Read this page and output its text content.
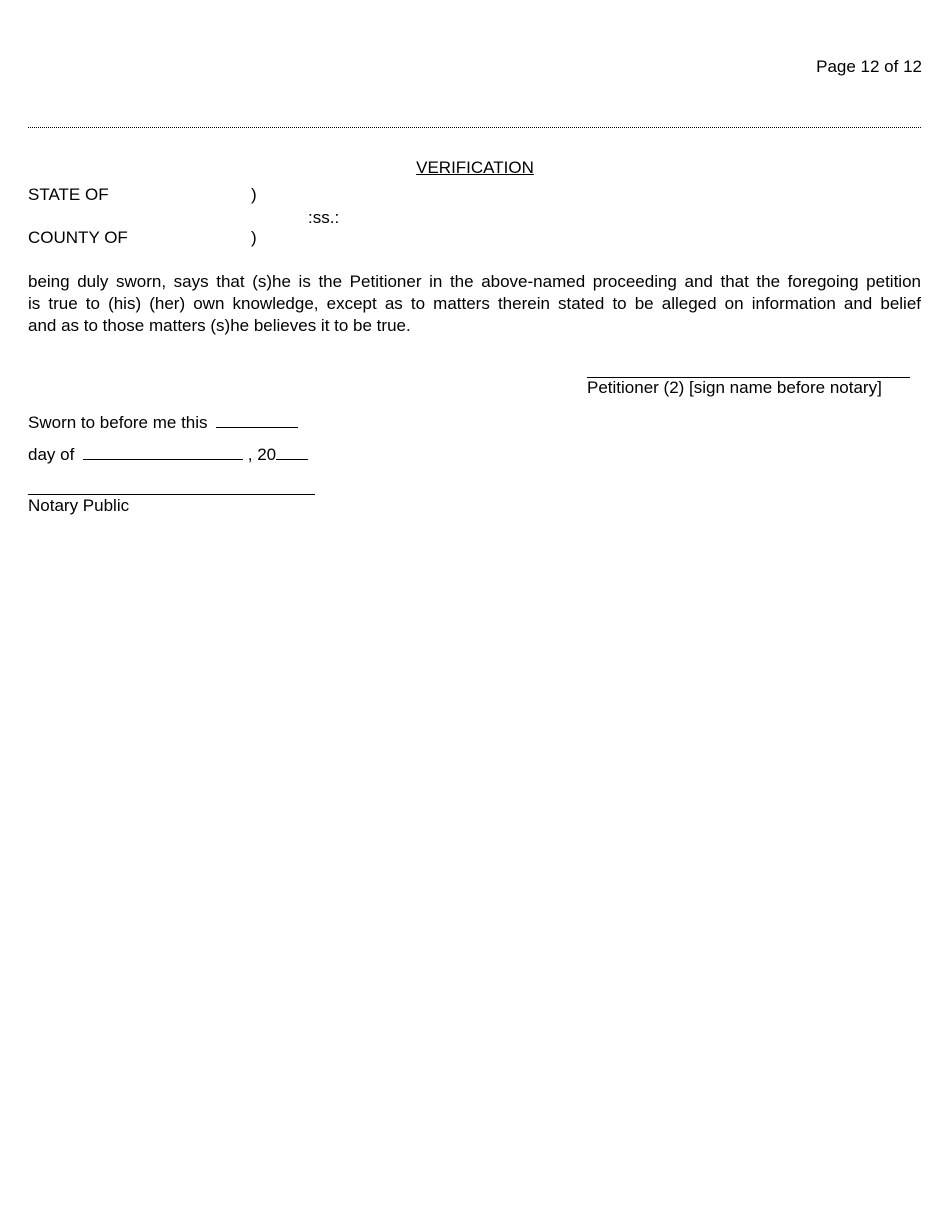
Page 12 of 12
VERIFICATION
STATE OF	)
:ss.:
COUNTY OF	)
being duly sworn, says that (s)he is the Petitioner in the above-named proceeding and that the foregoing petition
is true to (his) (her) own knowledge, except as to matters therein stated to be alleged on information and belief
and as to those matters (s)he believes it to be true.
Petitioner (2) [sign name before notary]
Sworn to before me this
day of	, 20
Notary Public
